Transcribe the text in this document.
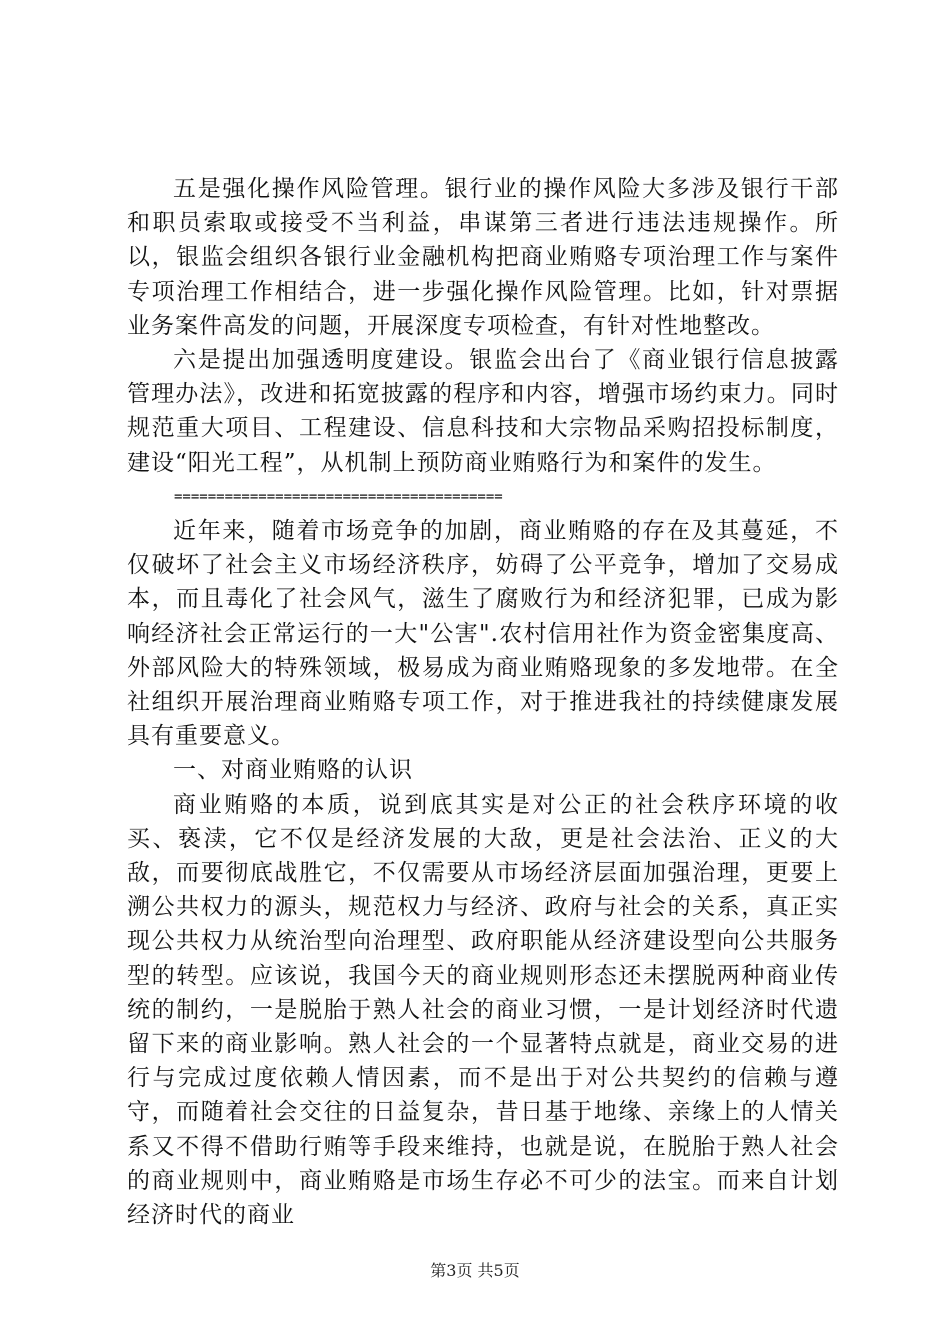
五是强化操作风险管理。银行业的操作风险大多涉及银行干部和职员索取或接受不当利益，串谋第三者进行违法违规操作。所以，银监会组织各银行业金融机构把商业贿赂专项治理工作与案件专项治理工作相结合，进一步强化操作风险管理。比如，针对票据业务案件高发的问题，开展深度专项检查，有针对性地整改。

六是提出加强透明度建设。银监会出台了《商业银行信息披露管理办法》，改进和拓宽披露的程序和内容，增强市场约束力。同时规范重大项目、工程建设、信息科技和大宗物品采购招投标制度，建设“阳光工程”，从机制上预防商业贿赂行为和案件的发生。

=======================================

近年来，随着市场竞争的加剧，商业贿赂的存在及其蔓延，不仅破坏了社会主义市场经济秩序，妨碍了公平竞争，增加了交易成本，而且毒化了社会风气，滋生了腐败行为和经济犯罪，已成为影响经济社会正常运行的一大"公害".农村信用社作为资金密集度高、外部风险大的特殊领域，极易成为商业贿赂现象的多发地带。在全社组织开展治理商业贿赂专项工作，对于推进我社的持续健康发展具有重要意义。

一、对商业贿赂的认识

商业贿赂的本质，说到底其实是对公正的社会秩序环境的收买、亵渎，它不仅是经济发展的大敌，更是社会法治、正义的大敌，而要彻底战胜它，不仅需要从市场经济层面加强治理，更要上溯公共权力的源头，规范权力与经济、政府与社会的关系，真正实现公共权力从统治型向治理型、政府职能从经济建设型向公共服务型的转型。应该说，我国今天的商业规则形态还未摆脱两种商业传统的制约，一是脱胎于熟人社会的商业习惯，一是计划经济时代遗留下来的商业影响。熟人社会的一个显著特点就是，商业交易的进行与完成过度依赖人情因素，而不是出于对公共契约的信赖与遵守，而随着社会交往的日益复杂，昔日基于地缘、亲缘上的人情关系又不得不借助行贿等手段来维持，也就是说，在脱胎于熟人社会的商业规则中，商业贿赂是市场生存必不可少的法宝。而来自计划经济时代的商业

第3页 共5页
